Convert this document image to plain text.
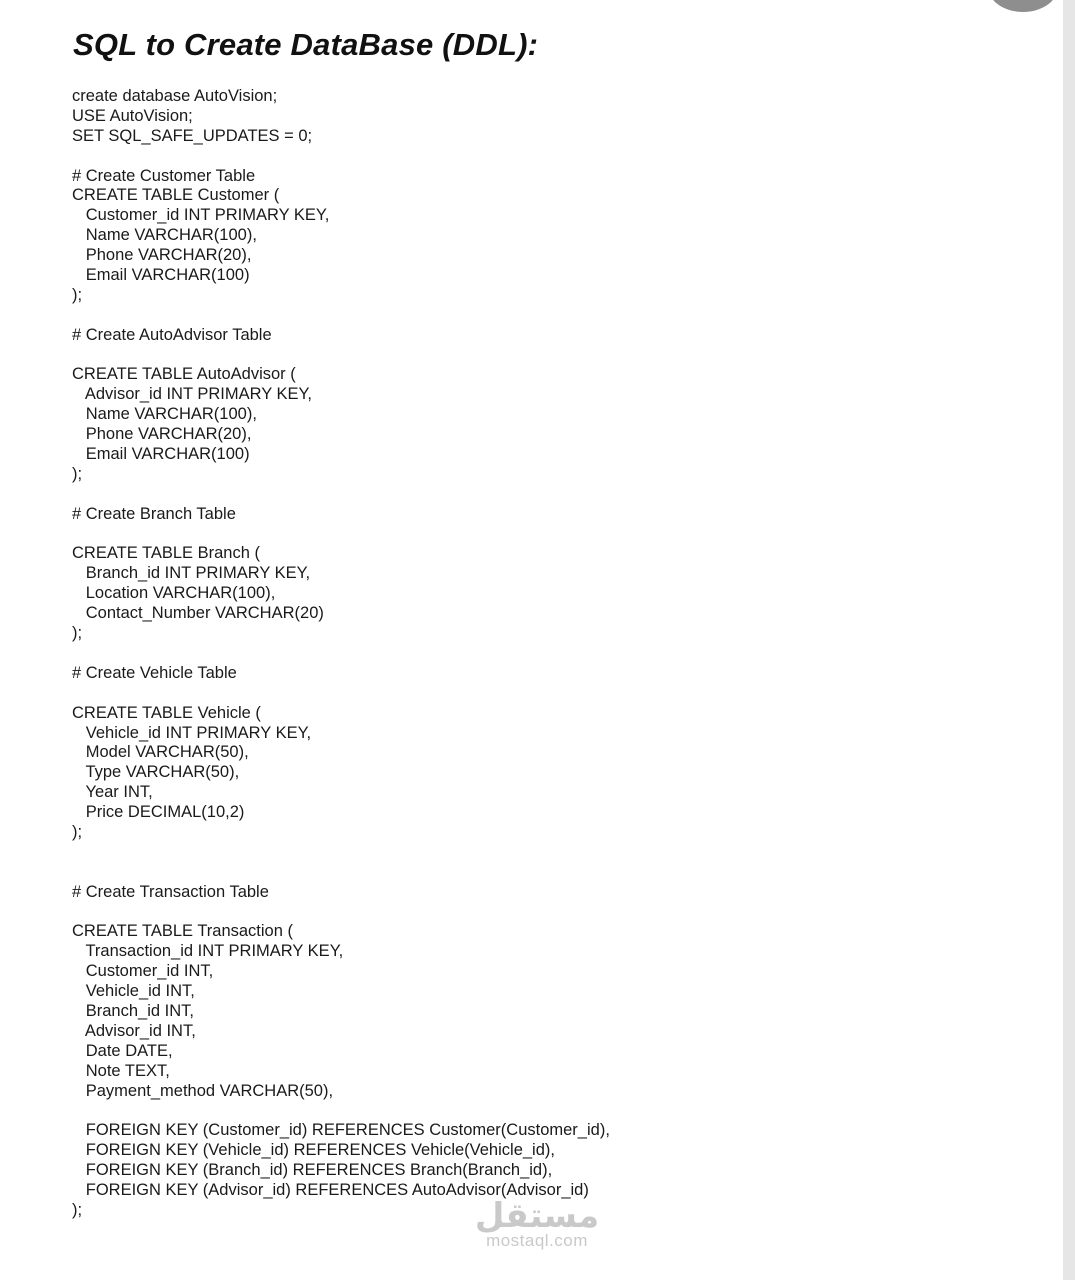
SQL to Create DataBase (DDL):
create database AutoVision;
USE AutoVision;
SET SQL_SAFE_UPDATES = 0;
# Create Customer Table
CREATE TABLE Customer (
Customer_id INT PRIMARY KEY,
Name VARCHAR(100),
Phone VARCHAR(20),
Email VARCHAR(100)
);
# Create AutoAdvisor Table
CREATE TABLE AutoAdvisor (
Advisor_id INT PRIMARY KEY,
Name VARCHAR(100),
Phone VARCHAR(20),
Email VARCHAR(100)
);
# Create Branch Table
CREATE TABLE Branch (
Branch_id INT PRIMARY KEY,
Location VARCHAR(100),
Contact_Number VARCHAR(20)
);
# Create Vehicle Table
CREATE TABLE Vehicle (
Vehicle_id INT PRIMARY KEY,
Model VARCHAR(50),
Type VARCHAR(50),
Year INT,
Price DECIMAL(10,2)
);
# Create Transaction Table
CREATE TABLE Transaction (
Transaction_id INT PRIMARY KEY,
Customer_id INT,
Vehicle_id INT,
Branch_id INT,
Advisor_id INT,
Date DATE,
Note TEXT,
Payment_method VARCHAR(50),
FOREIGN KEY (Customer_id) REFERENCES Customer(Customer_id),
FOREIGN KEY (Vehicle_id) REFERENCES Vehicle(Vehicle_id),
FOREIGN KEY (Branch_id) REFERENCES Branch(Branch_id),
FOREIGN KEY (Advisor_id) REFERENCES AutoAdvisor(Advisor_id)
);	مستقل
mostaql.com
